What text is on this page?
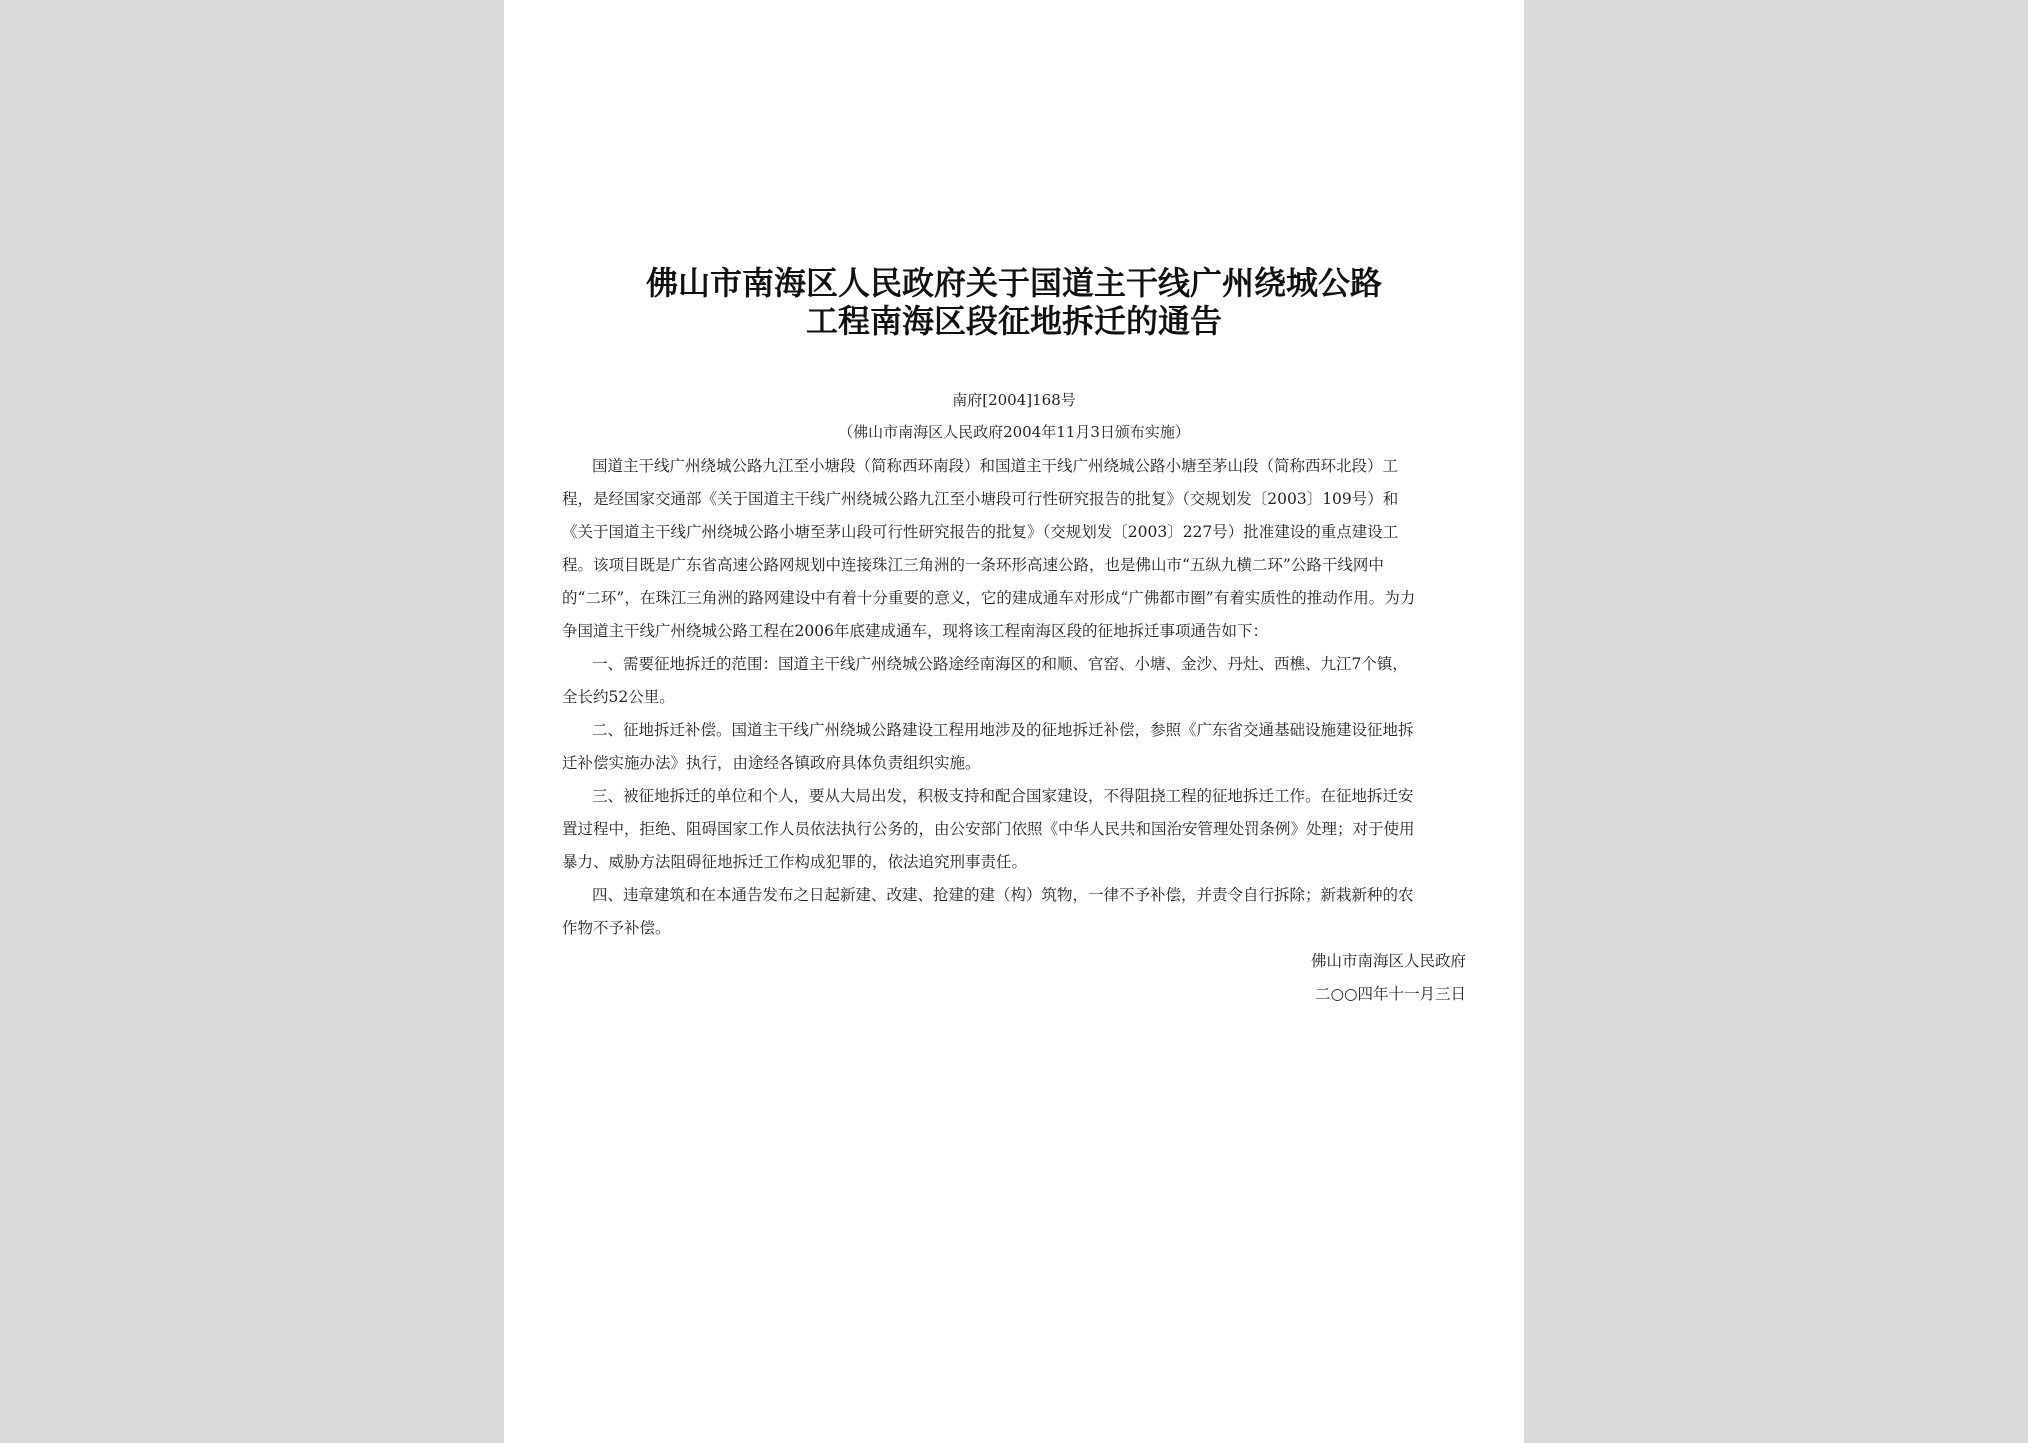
佛山市南海区人民政府关于国道主干线广州绕城公路
工程南海区段征地拆迁的通告
南府[2004]168号
（佛山市南海区人民政府2004年11月3日颁布实施）
国道主干线广州绕城公路九江至小塘段（简称西环南段）和国道主干线广州绕城公路小塘至茅山段（简称西环北段）工
程，是经国家交通部《关于国道主干线广州绕城公路九江至小塘段可行性研究报告的批复》（交规划发〔2003〕109号）和
《关于国道主干线广州绕城公路小塘至茅山段可行性研究报告的批复》（交规划发〔2003〕227号）批准建设的重点建设工
程。该项目既是广东省高速公路网规划中连接珠江三角洲的一条环形高速公路，也是佛山市“五纵九横二环”公路干线网中
的“二环”，在珠江三角洲的路网建设中有着十分重要的意义，它的建成通车对形成“广佛都市圈”有着实质性的推动作用。为力
争国道主干线广州绕城公路工程在2006年底建成通车，现将该工程南海区段的征地拆迁事项通告如下：
一、需要征地拆迁的范围：国道主干线广州绕城公路途经南海区的和顺、官窑、小塘、金沙、丹灶、西樵、九江7个镇，
全长约52公里。
二、征地拆迁补偿。国道主干线广州绕城公路建设工程用地涉及的征地拆迁补偿，参照《广东省交通基础设施建设征地拆
迁补偿实施办法》执行，由途经各镇政府具体负责组织实施。
三、被征地拆迁的单位和个人，要从大局出发，积极支持和配合国家建设，不得阻挠工程的征地拆迁工作。在征地拆迁安
置过程中，拒绝、阻碍国家工作人员依法执行公务的，由公安部门依照《中华人民共和国治安管理处罚条例》处理；对于使用
暴力、威胁方法阻碍征地拆迁工作构成犯罪的，依法追究刑事责任。
四、违章建筑和在本通告发布之日起新建、改建、抢建的建（构）筑物，一律不予补偿，并责令自行拆除；新栽新种的农
作物不予补偿。
佛山市南海区人民政府
二○○四年十一月三日
